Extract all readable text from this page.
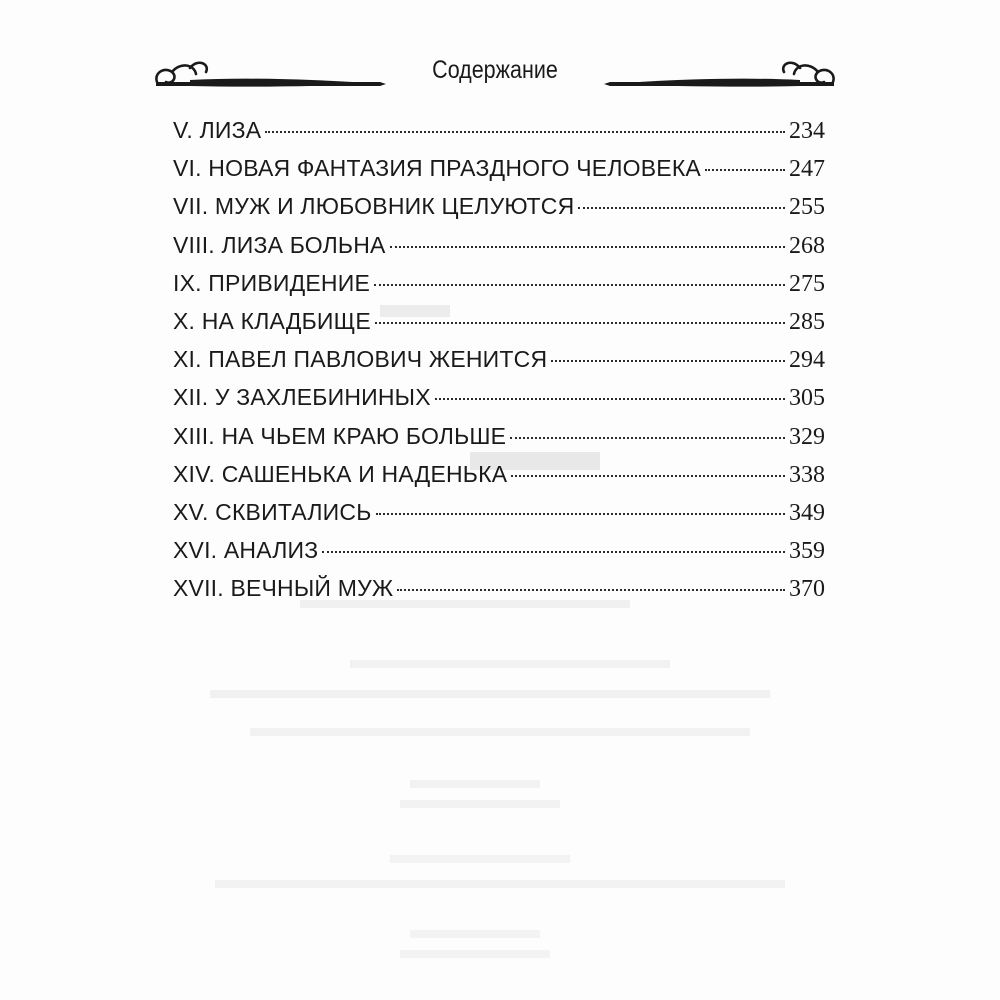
Содержание
V. ЛИЗА	234
VI. НОВАЯ ФАНТАЗИЯ ПРАЗДНОГО ЧЕЛОВЕКА	247
VII. МУЖ И ЛЮБОВНИК ЦЕЛУЮТСЯ	255
VIII. ЛИЗА БОЛЬНА	268
IX. ПРИВИДЕНИЕ	275
X. НА КЛАДБИЩЕ	285
XI. ПАВЕЛ ПАВЛОВИЧ ЖЕНИТСЯ	294
XII. У ЗАХЛЕБИНИНЫХ	305
XIII. НА ЧЬЕМ КРАЮ БОЛЬШЕ	329
XIV. САШЕНЬКА И НАДЕНЬКА	338
XV. СКВИТАЛИСЬ	349
XVI. АНАЛИЗ	359
XVII. ВЕЧНЫЙ МУЖ	370
